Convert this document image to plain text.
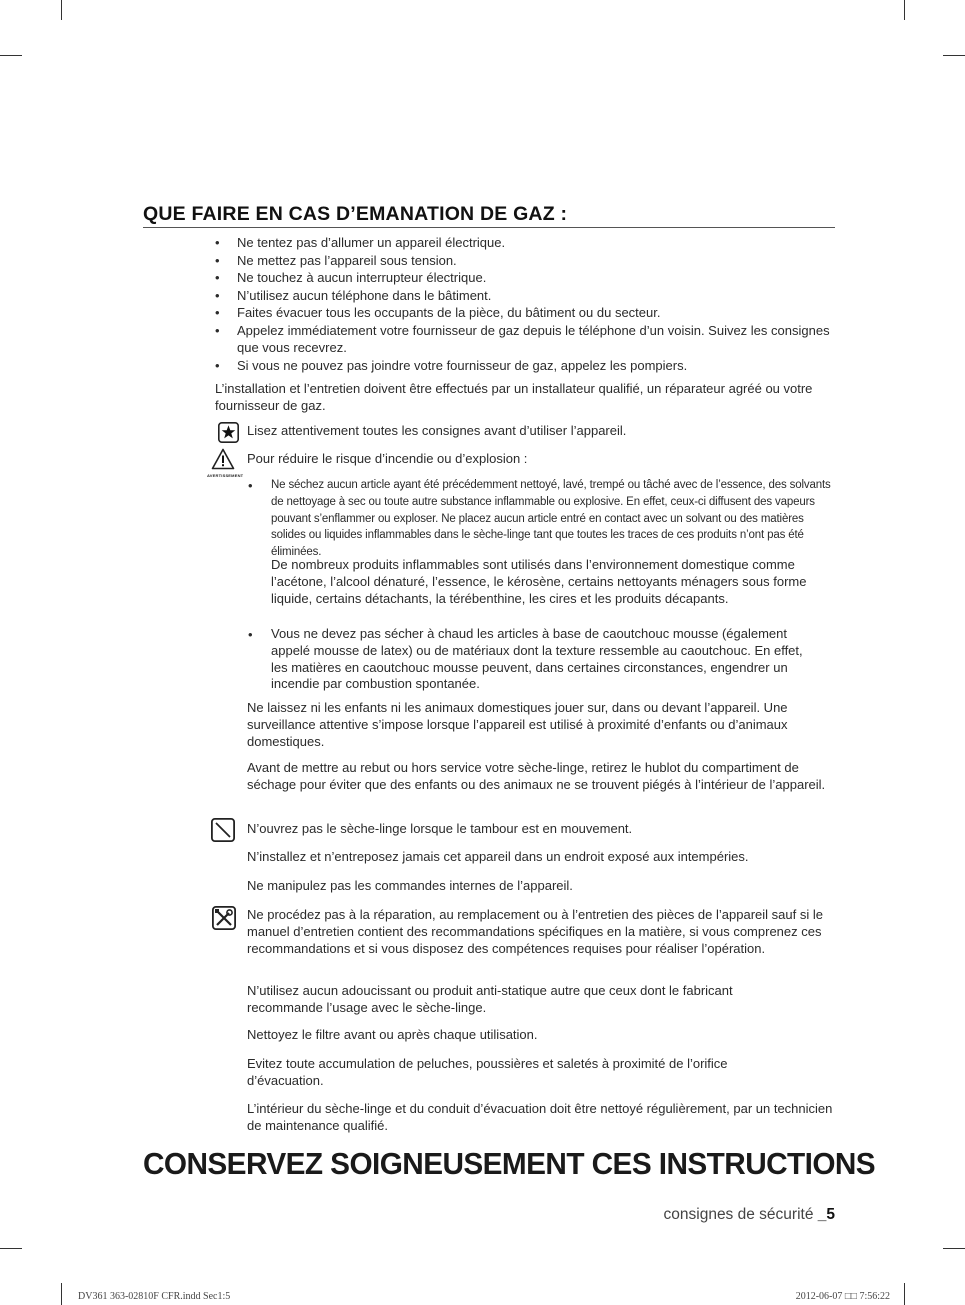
QUE FAIRE EN CAS D’EMANATION DE GAZ :
• Ne tentez pas d’allumer un appareil électrique.
• Ne mettez pas l’appareil sous tension.
• Ne touchez à aucun interrupteur électrique.
• N’utilisez aucun téléphone dans le bâtiment.
• Faites évacuer tous les occupants de la pièce, du bâtiment ou du secteur.
• Appelez immédiatement votre fournisseur de gaz depuis le téléphone d’un voisin. Suivez les consignes que vous recevrez.
• Si vous ne pouvez pas joindre votre fournisseur de gaz, appelez les pompiers.
L’installation et l’entretien doivent être effectués par un installateur qualifié, un réparateur agréé ou votre fournisseur de gaz.
Lisez attentivement toutes les consignes avant d’utiliser l’appareil.
AVERTISSEMENT
Pour réduire le risque d’incendie ou d’explosion :
• Ne séchez aucun article ayant été précédemment nettoyé, lavé, trempé ou tâché avec de l’essence, des solvants de nettoyage à sec ou toute autre substance inflammable ou explosive. En effet, ceux-ci diffusent des vapeurs pouvant s’enflammer ou exploser. Ne placez aucun article entré en contact avec un solvant ou des matières solides ou liquides inflammables dans le sèche-linge tant que toutes les traces de ces produits n’ont pas été éliminées.
De nombreux produits inflammables sont utilisés dans l’environnement domestique comme l’acétone, l’alcool dénaturé, l’essence, le kérosène, certains nettoyants ménagers sous forme liquide, certains détachants, la térébenthine, les cires et les produits décapants.
• Vous ne devez pas sécher à chaud les articles à base de caoutchouc mousse (également appelé mousse de latex) ou de matériaux dont la texture ressemble au caoutchouc. En effet, les matières en caoutchouc mousse peuvent, dans certaines circonstances, engendrer un incendie par combustion spontanée.
Ne laissez ni les enfants ni les animaux domestiques jouer sur, dans ou devant l’appareil. Une surveillance attentive s’impose lorsque l’appareil est utilisé à proximité d’enfants ou d’animaux domestiques.
Avant de mettre au rebut ou hors service votre sèche-linge, retirez le hublot du compartiment de séchage pour éviter que des enfants ou des animaux ne se trouvent piégés à l’intérieur de l’appareil.
N’ouvrez pas le sèche-linge lorsque le tambour est en mouvement.
N’installez et n’entreposez jamais cet appareil dans un endroit exposé aux intempéries.
Ne manipulez pas les commandes internes de l’appareil.
Ne procédez pas à la réparation, au remplacement ou à l’entretien des pièces de l’appareil sauf si le manuel d’entretien contient des recommandations spécifiques en la matière, si vous comprenez ces recommandations et si vous disposez des compétences requises pour réaliser l’opération.
N’utilisez aucun adoucissant ou produit anti-statique autre que ceux dont le fabricant recommande l’usage avec le sèche-linge.
Nettoyez le filtre avant ou après chaque utilisation.
Evitez toute accumulation de peluches, poussières et saletés à proximité de l’orifice d’évacuation.
L’intérieur du sèche-linge et du conduit d’évacuation doit être nettoyé régulièrement, par un technicien de maintenance qualifié.
CONSERVEZ SOIGNEUSEMENT CES INSTRUCTIONS
consignes de sécurité _5
DV361 363-02810F CFR.indd Sec1:5	2012-06-07 □□ 7:56:22
